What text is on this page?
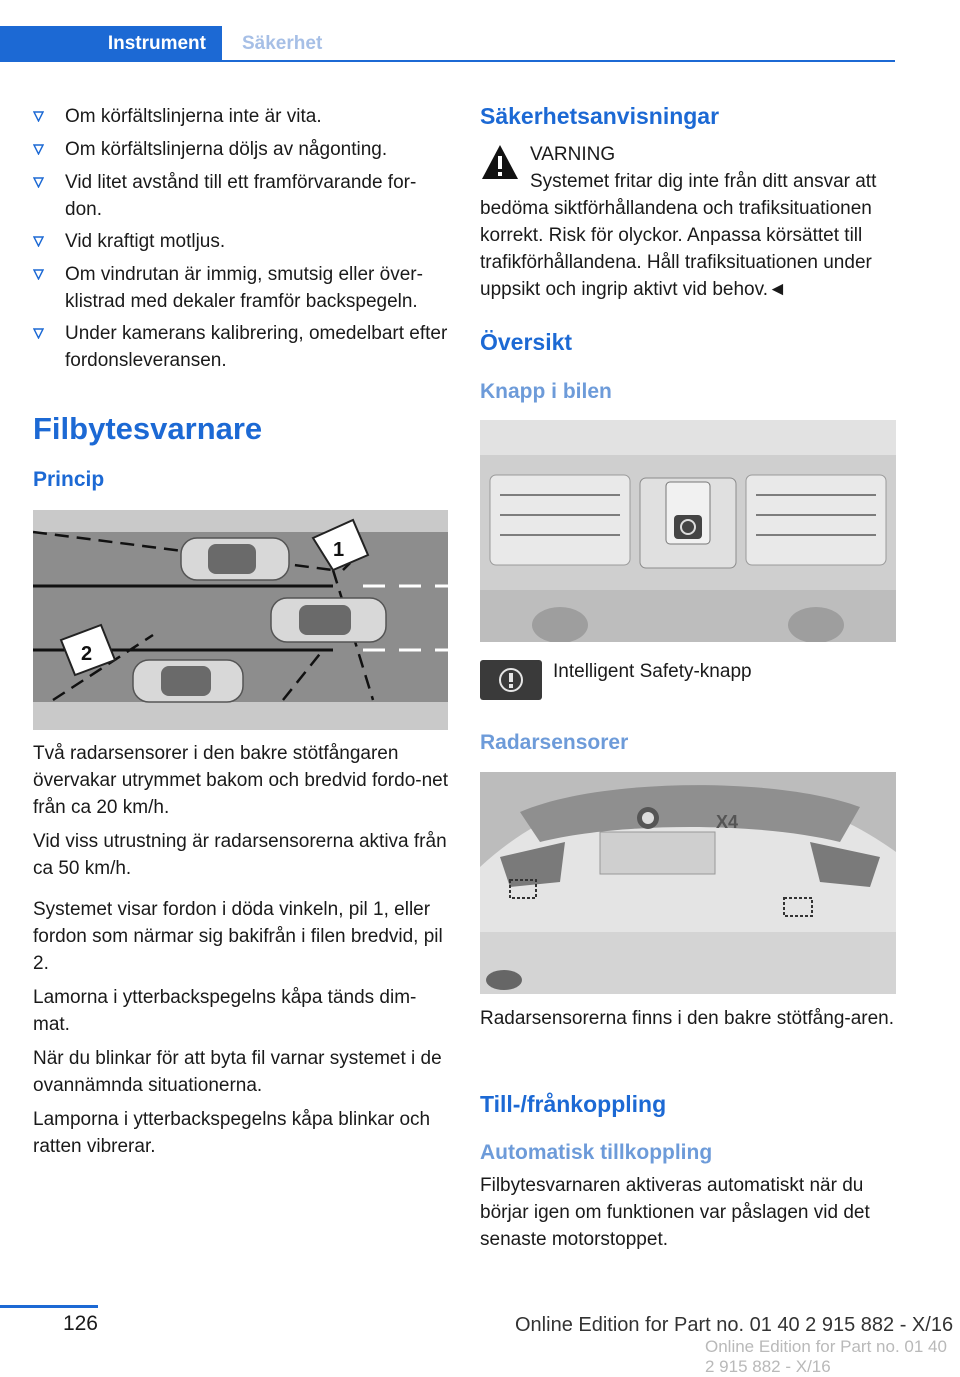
Instrument	Säkerhet
Om körfältslinjerna inte är vita.
Om körfältslinjerna döljs av någonting.
Vid litet avstånd till ett framförvarande for-don.
Vid kraftigt motljus.
Om vindrutan är immig, smutsig eller över-klistrad med dekaler framför backspegeln.
Under kamerans kalibrering, omedelbart efter fordonsleveransen.
Filbytesvarnare
Princip
1
2

Två radarsensorer i den bakre stötfångaren övervakar utrymmet bakom och bredvid fordo-net från ca 20 km/h.

Vid viss utrustning är radarsensorerna aktiva från ca 50 km/h.

Systemet visar fordon i döda vinkeln, pil 1, eller fordon som närmar sig bakifrån i filen bredvid, pil 2.

Lamorna i ytterbackspegelns kåpa tänds dim-mat.

När du blinkar för att byta fil varnar systemet i de ovannämnda situationerna.

Lamporna i ytterbackspegelns kåpa blinkar och ratten vibrerar.

Säkerhetsanvisningar
VARNING
Systemet fritar dig inte från ditt ansvar att bedöma siktförhållandena och trafiksituationen korrekt. Risk för olyckor. Anpassa körsättet till trafikförhållandena. Håll trafiksituationen under uppsikt och ingrip aktivt vid behov.◄
Översikt
Knapp i bilen
Intelligent Safety-knapp
Radarsensorer
X4
Radarsensorerna finns i den bakre stötfång-aren.
Till-/frånkoppling
Automatisk tillkoppling
Filbytesvarnaren aktiveras automatiskt när du börjar igen om funktionen var påslagen vid det senaste motorstoppet.
126	Online Edition for Part no. 01 40 2 915 882 - X/16
Online Edition for Part no. 01 40 2 915 882 - X/16
